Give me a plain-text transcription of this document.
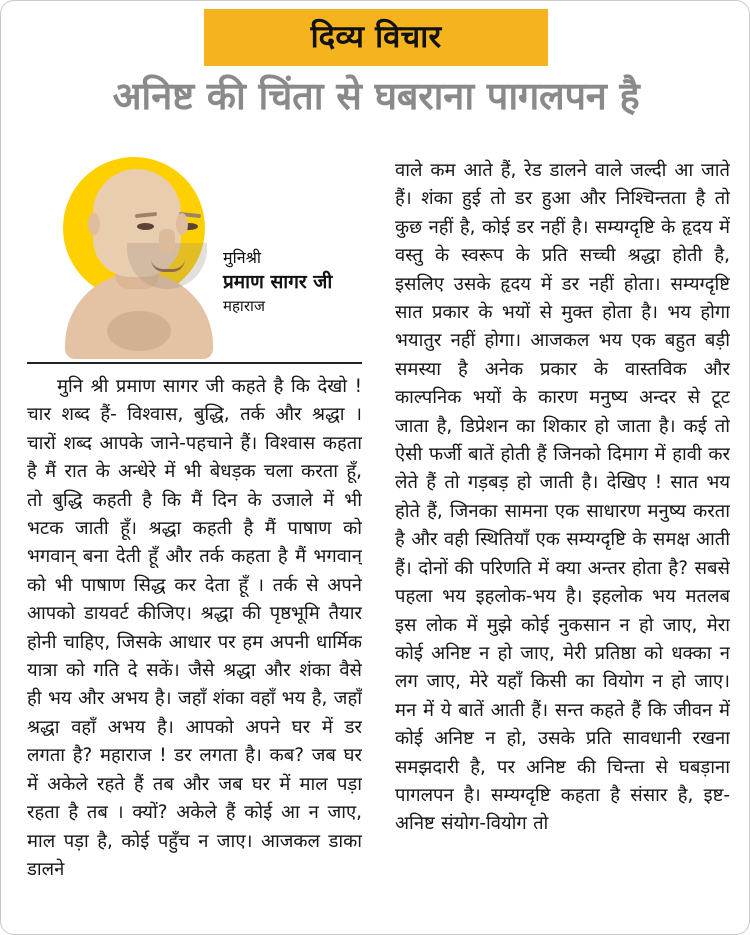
दिव्य विचार
अनिष्ट की चिंता से घबराना पागलपन है
मुनिश्री
प्रमाण सागर जी
महाराज

मुनि श्री प्रमाण सागर जी कहते है कि देखो ! चार शब्द हैं- विश्वास, बुद्धि, तर्क और श्रद्धा । चारों शब्द आपके जाने-पहचाने हैं। विश्वास कहता है मैं रात के अन्धेरे में भी बेधड़क चला करता हूँ, तो बुद्धि कहती है कि मैं दिन के उजाले में भी भटक जाती हूँ। श्रद्धा कहती है मैं पाषाण को भगवान् बना देती हूँ और तर्क कहता है मैं भगवान् को भी पाषाण सिद्ध कर देता हूँ । तर्क से अपने आपको डायवर्ट कीजिए। श्रद्धा की पृष्ठभूमि तैयार होनी चाहिए, जिसके आधार पर हम अपनी धार्मिक यात्रा को गति दे सकें। जैसे श्रद्धा और शंका वैसे ही भय और अभय है। जहाँ शंका वहाँ भय है, जहाँ श्रद्धा वहाँ अभय है। आपको अपने घर में डर लगता है? महाराज ! डर लगता है। कब? जब घर में अकेले रहते हैं तब और जब घर में माल पड़ा रहता है तब । क्यों? अकेले हैं कोई आ न जाए, माल पड़ा है, कोई पहुँच न जाए। आजकल डाका डालने

वाले कम आते हैं, रेड डालने वाले जल्दी आ जाते हैं। शंका हुई तो डर हुआ और निश्चिन्तता है तो कुछ नहीं है, कोई डर नहीं है। सम्यग्दृष्टि के हृदय में वस्तु के स्वरूप के प्रति सच्ची श्रद्धा होती है, इसलिए उसके हृदय में डर नहीं होता। सम्यग्दृष्टि सात प्रकार के भयों से मुक्त होता है। भय होगा भयातुर नहीं होगा। आजकल भय एक बहुत बड़ी समस्या है अनेक प्रकार के वास्तविक और काल्पनिक भयों के कारण मनुष्य अन्दर से टूट जाता है, डिप्रेशन का शिकार हो जाता है। कई तो ऐसी फर्जी बातें होती हैं जिनको दिमाग में हावी कर लेते हैं तो गड़बड़ हो जाती है। देखिए ! सात भय होते हैं, जिनका सामना एक साधारण मनुष्य करता है और वही स्थितियाँ एक सम्यग्दृष्टि के समक्ष आती हैं। दोनों की परिणति में क्या अन्तर होता है? सबसे पहला भय इहलोक-भय है। इहलोक भय मतलब इस लोक में मुझे कोई नुकसान न हो जाए, मेरा कोई अनिष्ट न हो जाए, मेरी प्रतिष्ठा को धक्का न लग जाए, मेरे यहाँ किसी का वियोग न हो जाए। मन में ये बातें आती हैं। सन्त कहते हैं कि जीवन में कोई अनिष्ट न हो, उसके प्रति सावधानी रखना समझदारी है, पर अनिष्ट की चिन्ता से घबड़ाना पागलपन है। सम्यग्दृष्टि कहता है संसार है, इष्ट-अनिष्ट संयोग-वियोग तो
